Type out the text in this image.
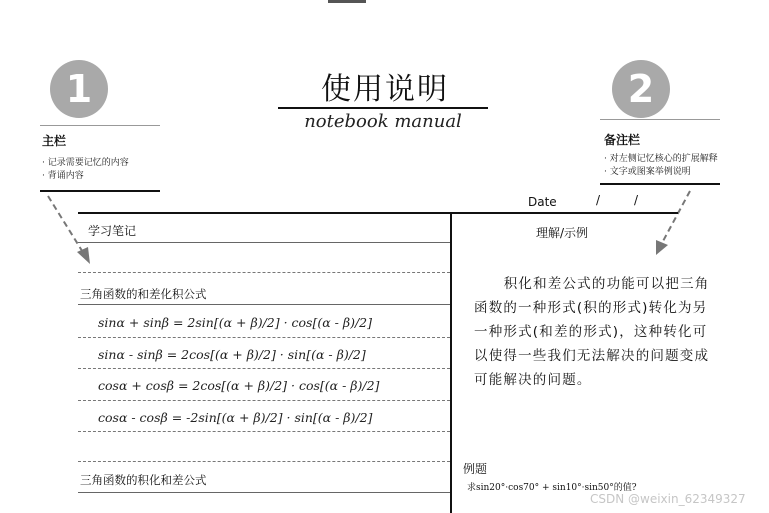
使用说明
notebook manual
1
主栏
· 记录需要记忆的内容
· 背诵内容
2
备注栏
· 对左侧记忆核心的扩展解释
· 文字或图案举例说明
Date	/	/
学习笔记	理解/示例
三角函数的和差化积公式
三角函数的积化和差公式
sinα + sinβ = 2sin[(α + β)/2] · cos[(α - β)/2]
sinα - sinβ = 2cos[(α + β)/2] · sin[(α - β)/2]
cosα + cosβ = 2cos[(α + β)/2] · cos[(α - β)/2]
cosα - cosβ = -2sin[(α + β)/2] · sin[(α - β)/2]
积化和差公式的功能可以把三角函数的一种形式(积的形式)转化为另一种形式(和差的形式)，这种转化可以使得一些我们无法解决的问题变成可能解决的问题。
例题
求sin20°·cos70° + sin10°·sin50°的值?
CSDN @weixin_62349327
